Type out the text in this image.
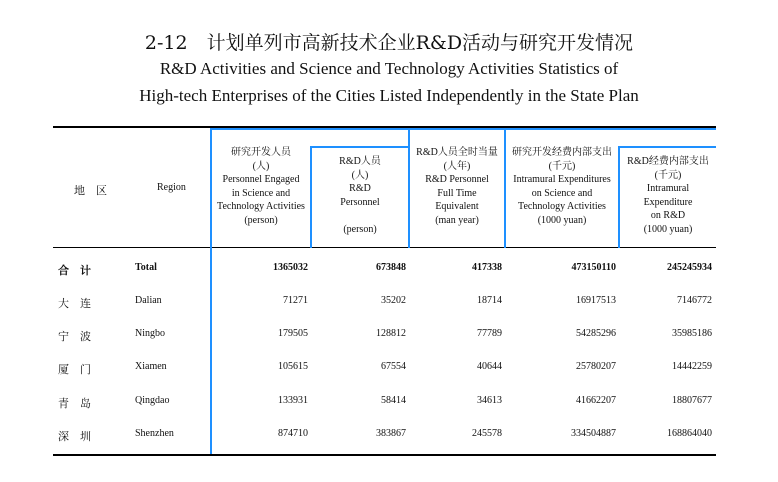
2-12　计划单列市高新技术企业R&D活动与研究开发情况
R&D Activities and Science and Technology Activities Statistics of
High-tech Enterprises of the Cities Listed Independently in the State Plan
地　区	Region
研究开发人员
(人)
Personnel Engaged
in Science and
Technology Activities
(person)
R&D人员
(人)
R&D
Personnel
(person)
R&D人员全时当量
(人年)
R&D Personnel
Full Time
Equivalent
(man year)
研究开发经费内部支出
(千元)
Intramural Expenditures
on Science and
Technology Activities
(1000 yuan)
R&D经费内部支出
(千元)
Intramural
Expenditure
on R&D
(1000 yuan)
合　计	Total	1365032	673848	417338	473150110	245245934
大　连	Dalian	71271	35202	18714	16917513	7146772
宁　波	Ningbo	179505	128812	77789	54285296	35985186
厦　门	Xiamen	105615	67554	40644	25780207	14442259
青　岛	Qingdao	133931	58414	34613	41662207	18807677
深　圳	Shenzhen	874710	383867	245578	334504887	168864040
